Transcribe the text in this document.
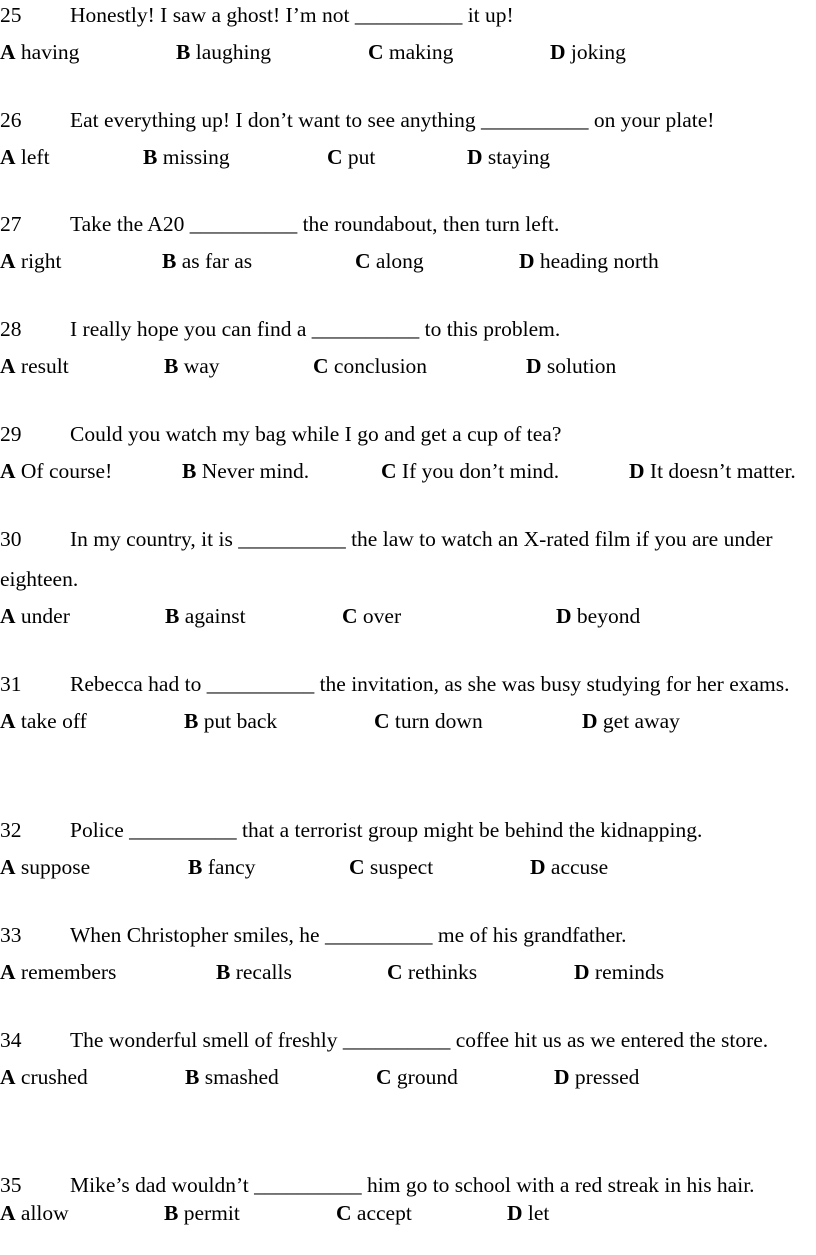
25 Honestly! I saw a ghost! I’m not __________ it up!
A having	B laughing	C making	D joking
26 Eat everything up! I don’t want to see anything __________ on your plate!
A left	B missing	C put	D staying
27 Take the A20 __________ the roundabout, then turn left.
A right	B as far as	C along	D heading north
28 I really hope you can find a __________ to this problem.
A result	B way	C conclusion	D solution
29 Could you watch my bag while I go and get a cup of tea?
A Of course!	B Never mind.	C If you don’t mind.	D It doesn’t matter.
30 In my country, it is __________ the law to watch an X-rated film if you are under eighteen.
A under	B against	C over	D beyond
31 Rebecca had to __________ the invitation, as she was busy studying for her exams.
A take off	B put back	C turn down	D get away
32 Police __________ that a terrorist group might be behind the kidnapping.
A suppose	B fancy	C suspect	D accuse
33 When Christopher smiles, he __________ me of his grandfather.
A remembers	B recalls	C rethinks	D reminds
34 The wonderful smell of freshly __________ coffee hit us as we entered the store.
A crushed	B smashed	C ground	D pressed
35 Mike’s dad wouldn’t __________ him go to school with a red streak in his hair.
A allow	B permit	C accept	D let
